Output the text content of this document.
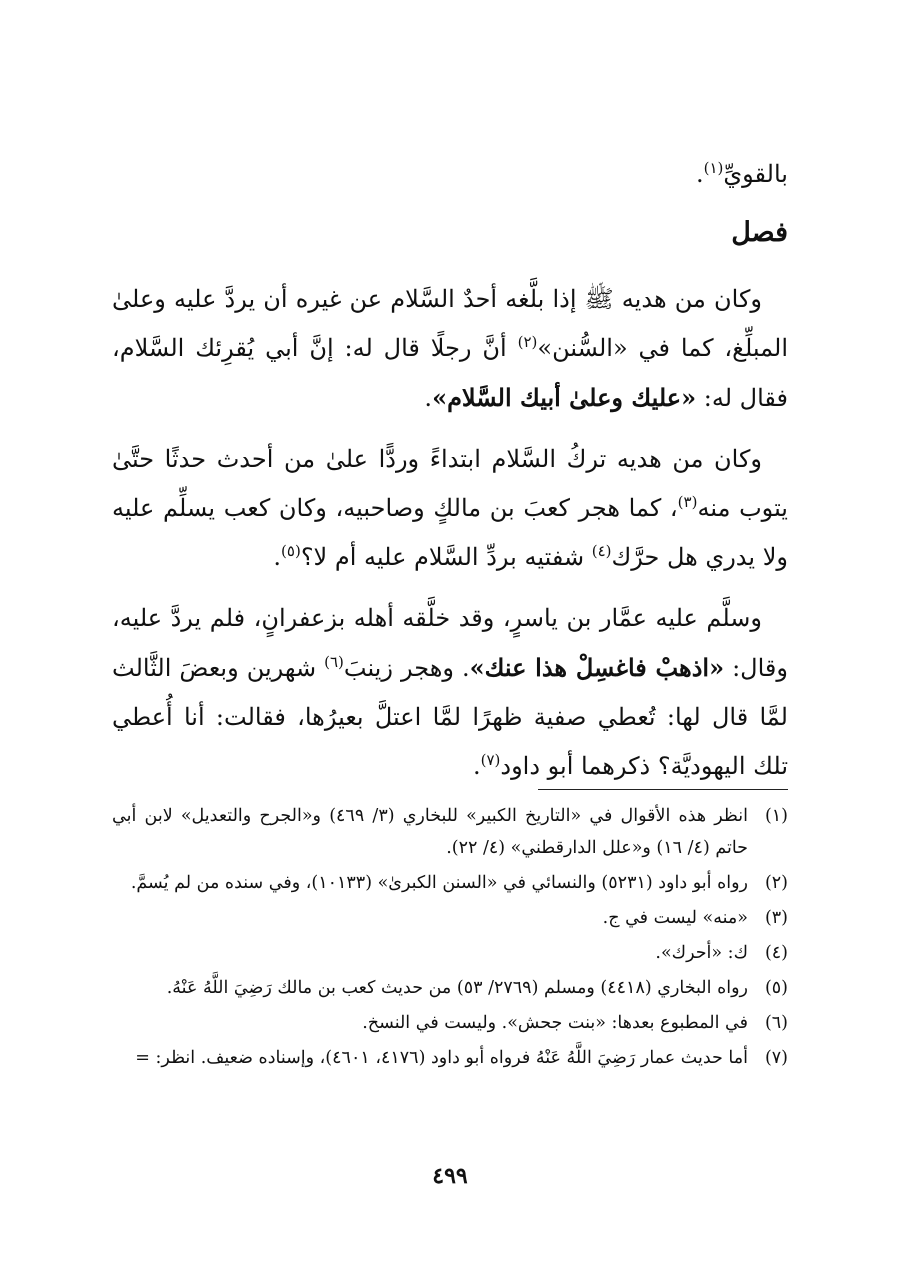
بالقويِّ$^{(١)}$.

فصل

وكان من هديه ﷺ إذا بلَّغه أحدٌ السَّلام عن غيره أن يردَّ عليه وعلىٰ المبلِّغ، كما في «السُّنن»$^{(٢)}$ أنَّ رجلًا قال له: إنَّ أبي يُقرِئك السَّلام، فقال له: «عليك وعلىٰ أبيك السَّلام».

وكان من هديه تركُ السَّلام ابتداءً وردًّا علىٰ من أحدث حدثًا حتَّىٰ يتوب منه$^{(٣)}$، كما هجر كعبَ بن مالكٍ وصاحبيه، وكان كعب يسلِّم عليه ولا يدري هل حرَّك$^{(٤)}$ شفتيه بردِّ السَّلام عليه أم لا؟$^{(٥)}$.

وسلَّم عليه عمَّار بن ياسرٍ، وقد خلَّقه أهله بزعفرانٍ، فلم يردَّ عليه، وقال: «اذهبْ فاغسِلْ هذا عنك». وهجر زينبَ$^{(٦)}$ شهرين وبعضَ الثَّالث لمَّا قال لها: تُعطي صفية ظهرًا لمَّا اعتلَّ بعيرُها، فقالت: أنا أُعطي تلك اليهوديَّة؟ ذكرهما أبو داود$^{(٧)}$.

(١)
انظر هذه الأقوال في «التاريخ الكبير» للبخاري (٣/ ٤٦٩) و«الجرح والتعديل» لابن أبي حاتم (٤/ ١٦) و«علل الدارقطني» (٤/ ٢٢).
(٢)
رواه أبو داود (٥٢٣١) والنسائي في «السنن الكبرىٰ» (١٠١٣٣)، وفي سنده من لم يُسمَّ.
(٣)
«منه» ليست في ج.
(٤)
ك: «أحرك».
(٥)
رواه البخاري (٤٤١٨) ومسلم (٢٧٦٩/ ٥٣) من حديث كعب بن مالك رَضِيَ اللَّهُ عَنْهُ.
(٦)
في المطبوع بعدها: «بنت جحش». وليست في النسخ.
(٧)
أما حديث عمار رَضِيَ اللَّهُ عَنْهُ فرواه أبو داود (٤١٧٦، ٤٦٠١)، وإسناده ضعيف. انظر: =
٤٩٩
